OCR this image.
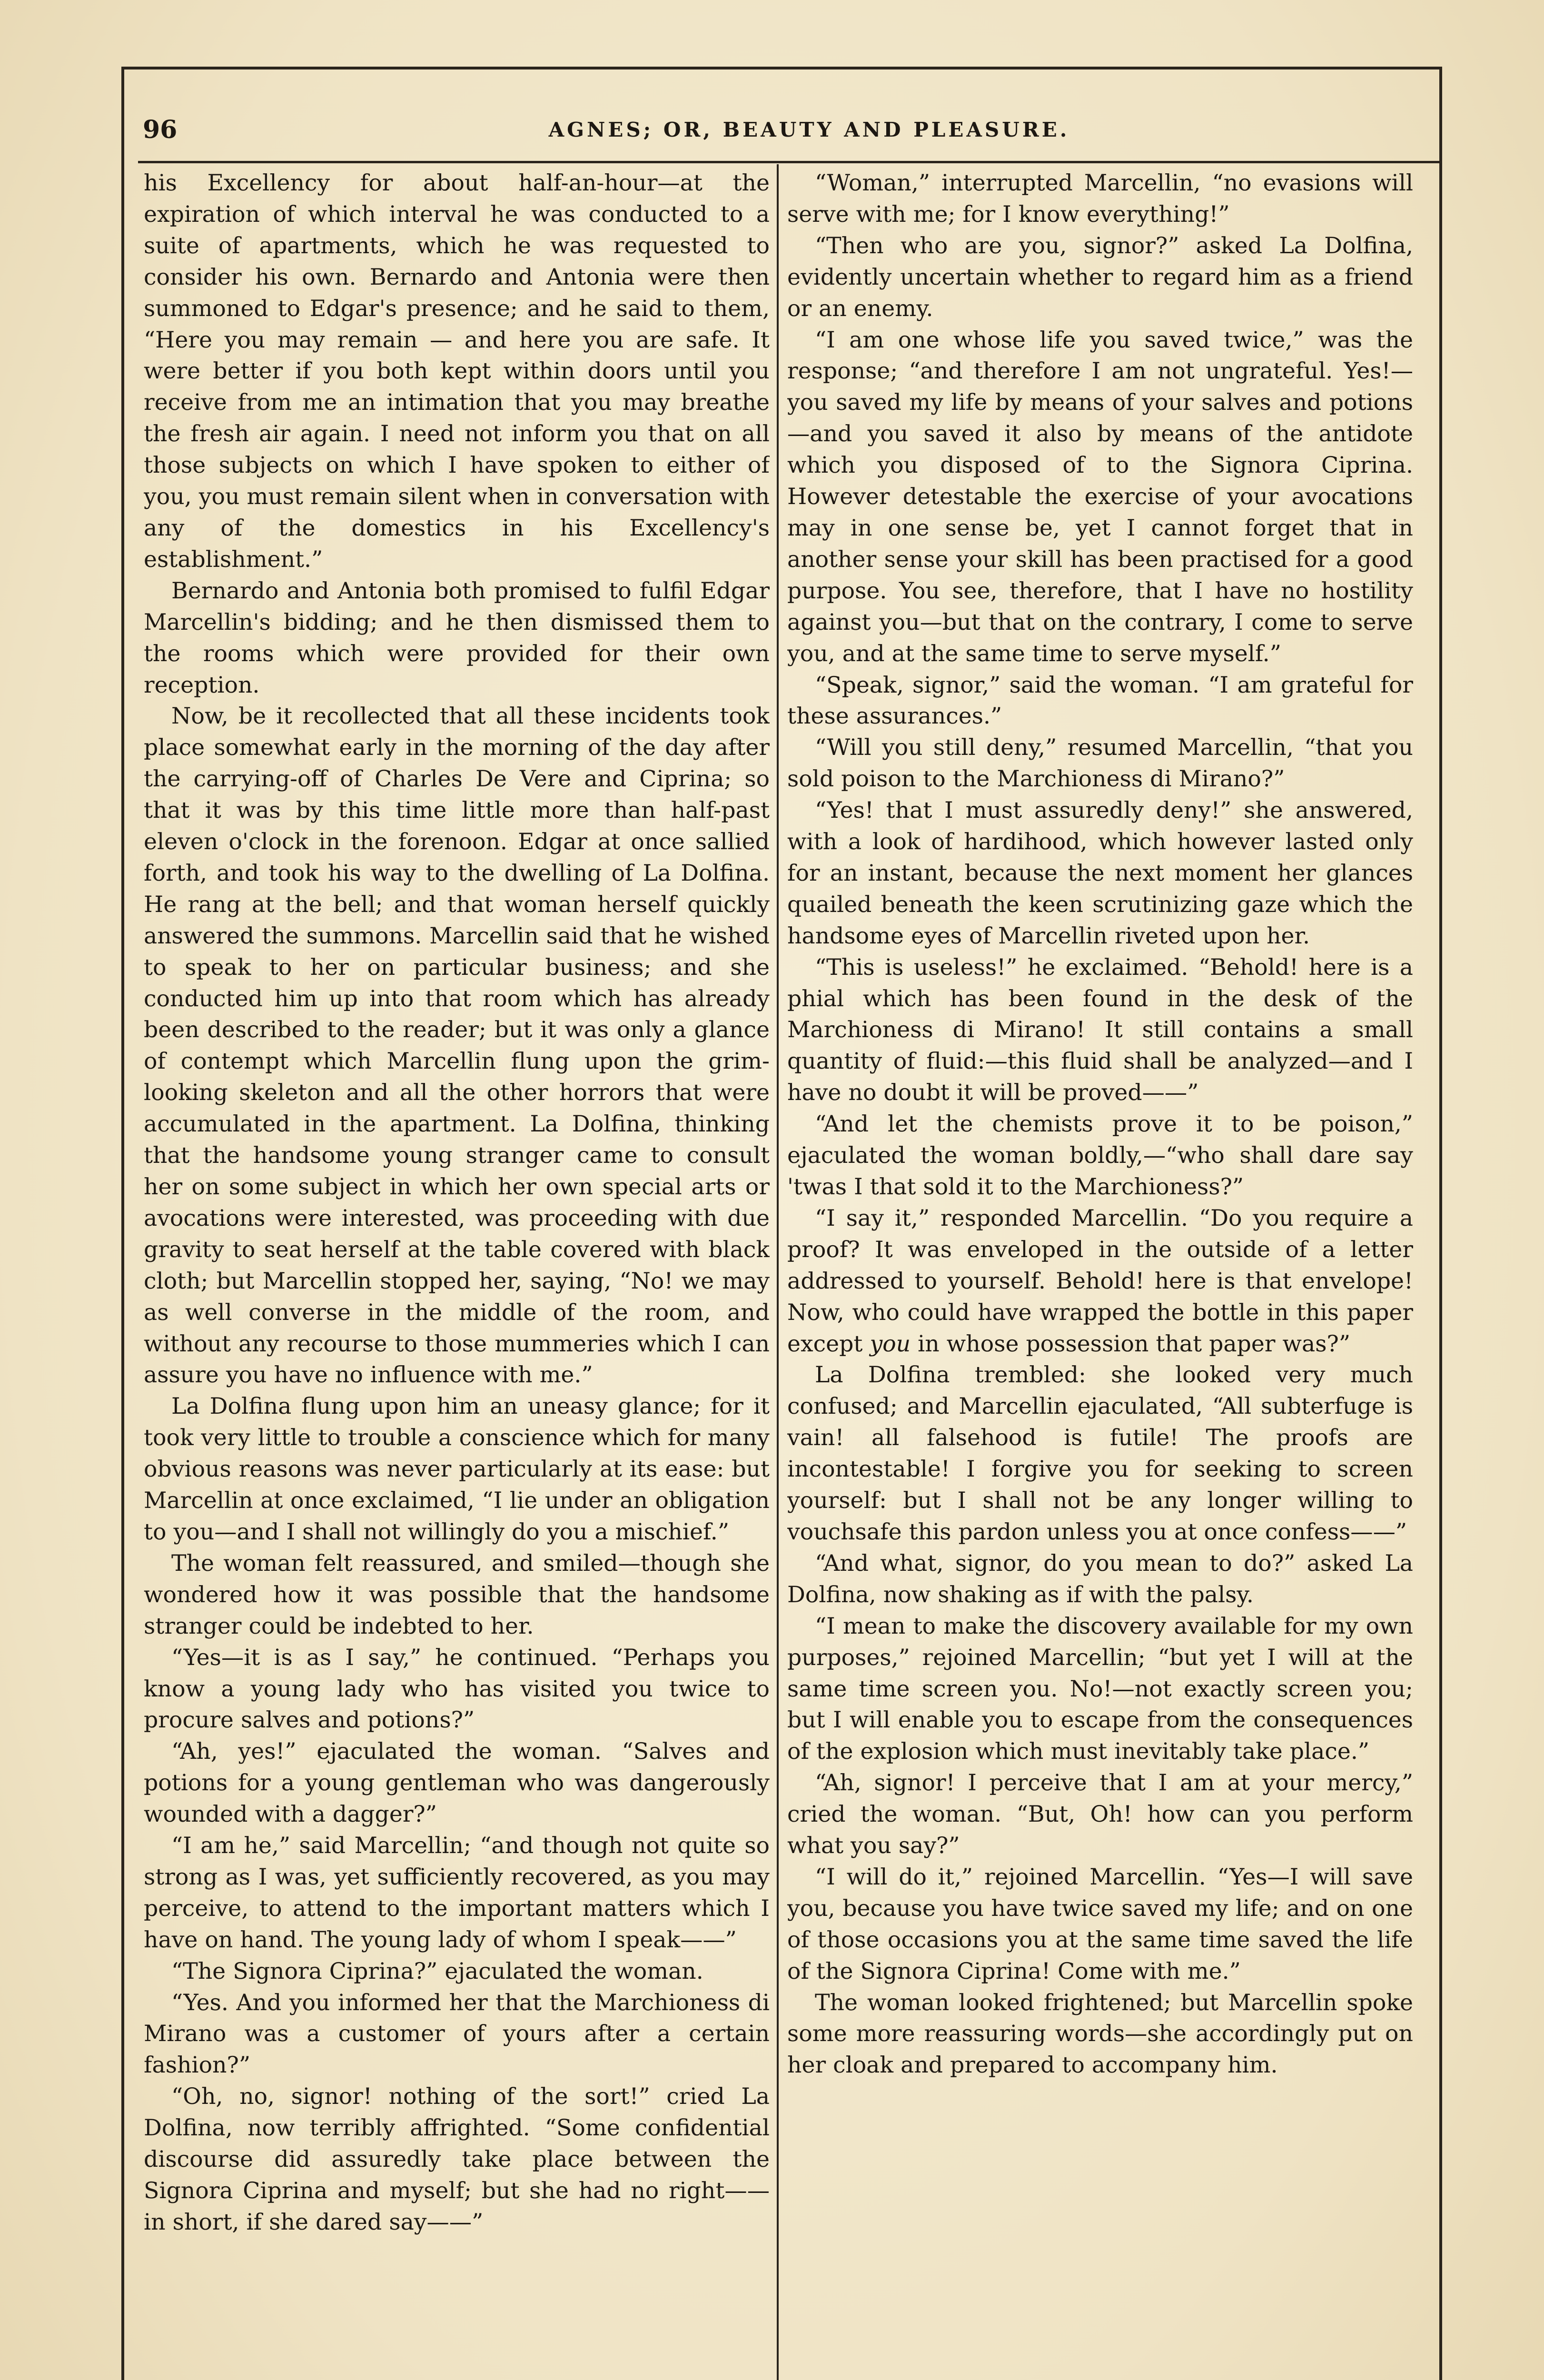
96	AGNES; OR, BEAUTY AND PLEASURE.

his Excellency for about half-an-hour—at the expiration of which interval he was conducted to a suite of apartments, which he was requested to consider his own. Bernardo and Antonia were then summoned to Edgar's presence; and he said to them, “Here you may remain — and here you are safe. It were better if you both kept within doors until you receive from me an intimation that you may breathe the fresh air again. I need not inform you that on all those subjects on which I have spoken to either of you, you must remain silent when in conversation with any of the domestics in his Excellency's establishment.”

Bernardo and Antonia both promised to fulfil Edgar Marcellin's bidding; and he then dismissed them to the rooms which were provided for their own reception.

Now, be it recollected that all these incidents took place somewhat early in the morning of the day after the carrying-off of Charles De Vere and Ciprina; so that it was by this time little more than half-past eleven o'clock in the forenoon. Edgar at once sallied forth, and took his way to the dwelling of La Dolfina. He rang at the bell; and that woman herself quickly answered the summons. Marcellin said that he wished to speak to her on particular business; and she conducted him up into that room which has already been described to the reader; but it was only a glance of contempt which Marcellin flung upon the grim-looking skeleton and all the other horrors that were accumulated in the apartment. La Dolfina, thinking that the handsome young stranger came to consult her on some subject in which her own special arts or avocations were interested, was proceeding with due gravity to seat herself at the table covered with black cloth; but Marcellin stopped her, saying, “No! we may as well converse in the middle of the room, and without any recourse to those mummeries which I can assure you have no influence with me.”

La Dolfina flung upon him an uneasy glance; for it took very little to trouble a conscience which for many obvious reasons was never particularly at its ease: but Marcellin at once exclaimed, “I lie under an obligation to you—and I shall not willingly do you a mischief.”

The woman felt reassured, and smiled—though she wondered how it was possible that the handsome stranger could be indebted to her.

“Yes—it is as I say,” he continued. “Perhaps you know a young lady who has visited you twice to procure salves and potions?”

“Ah, yes!” ejaculated the woman. “Salves and potions for a young gentleman who was dangerously wounded with a dagger?”

“I am he,” said Marcellin; “and though not quite so strong as I was, yet sufficiently recovered, as you may perceive, to attend to the important matters which I have on hand. The young lady of whom I speak——”

“The Signora Ciprina?” ejaculated the woman.

“Yes. And you informed her that the Marchioness di Mirano was a customer of yours after a certain fashion?”

“Oh, no, signor! nothing of the sort!” cried La Dolfina, now terribly affrighted. “Some confidential discourse did assuredly take place between the Signora Ciprina and myself; but she had no right——in short, if she dared say——”

“Woman,” interrupted Marcellin, “no evasions will serve with me; for I know everything!”

“Then who are you, signor?” asked La Dolfina, evidently uncertain whether to regard him as a friend or an enemy.

“I am one whose life you saved twice,” was the response; “and therefore I am not ungrateful. Yes!—you saved my life by means of your salves and potions—and you saved it also by means of the antidote which you disposed of to the Signora Ciprina. However detestable the exercise of your avocations may in one sense be, yet I cannot forget that in another sense your skill has been practised for a good purpose. You see, therefore, that I have no hostility against you—but that on the contrary, I come to serve you, and at the same time to serve myself.”

“Speak, signor,” said the woman. “I am grateful for these assurances.”

“Will you still deny,” resumed Marcellin, “that you sold poison to the Marchioness di Mirano?”

“Yes! that I must assuredly deny!” she answered, with a look of hardihood, which however lasted only for an instant, because the next moment her glances quailed beneath the keen scrutinizing gaze which the handsome eyes of Marcellin riveted upon her.

“This is useless!” he exclaimed. “Behold! here is a phial which has been found in the desk of the Marchioness di Mirano! It still contains a small quantity of fluid:—this fluid shall be analyzed—and I have no doubt it will be proved——”

“And let the chemists prove it to be poison,” ejaculated the woman boldly,—“who shall dare say 'twas I that sold it to the Marchioness?”

“I say it,” responded Marcellin. “Do you require a proof? It was enveloped in the outside of a letter addressed to yourself. Behold! here is that envelope! Now, who could have wrapped the bottle in this paper except you in whose possession that paper was?”

La Dolfina trembled: she looked very much confused; and Marcellin ejaculated, “All subterfuge is vain! all falsehood is futile! The proofs are incontestable! I forgive you for seeking to screen yourself: but I shall not be any longer willing to vouchsafe this pardon unless you at once confess——”

“And what, signor, do you mean to do?” asked La Dolfina, now shaking as if with the palsy.

“I mean to make the discovery available for my own purposes,” rejoined Marcellin; “but yet I will at the same time screen you. No!—not exactly screen you; but I will enable you to escape from the consequences of the explosion which must inevitably take place.”

“Ah, signor! I perceive that I am at your mercy,” cried the woman. “But, Oh! how can you perform what you say?”

“I will do it,” rejoined Marcellin. “Yes—I will save you, because you have twice saved my life; and on one of those occasions you at the same time saved the life of the Signora Ciprina! Come with me.”

The woman looked frightened; but Marcellin spoke some more reassuring words—she accordingly put on her cloak and prepared to accompany him.
